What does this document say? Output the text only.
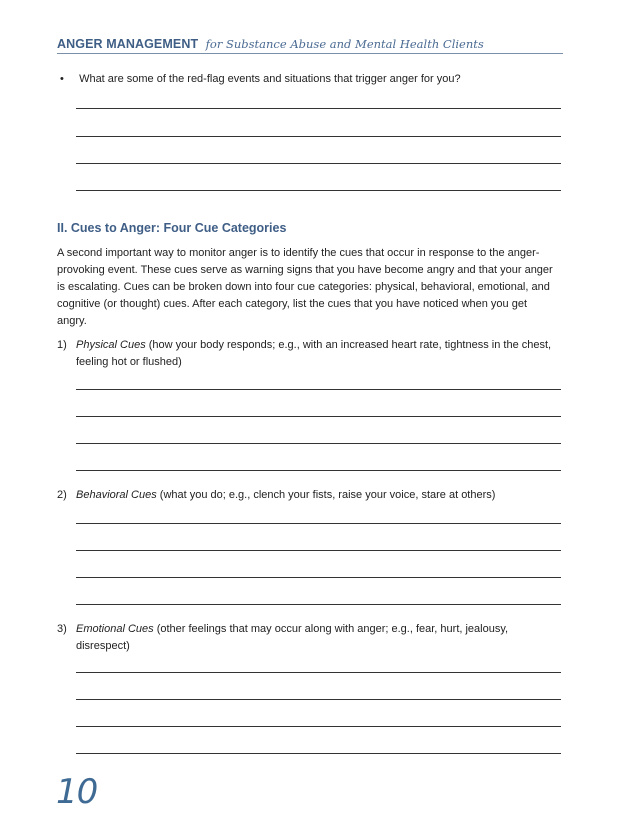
ANGER MANAGEMENT for Substance Abuse and Mental Health Clients
• What are some of the red-flag events and situations that trigger anger for you?
II. Cues to Anger: Four Cue Categories
A second important way to monitor anger is to identify the cues that occur in response to the anger-provoking event. These cues serve as warning signs that you have become angry and that your anger is escalating. Cues can be broken down into four cue categories: physical, behavioral, emotional, and cognitive (or thought) cues. After each category, list the cues that you have noticed when you get angry.
1) Physical Cues (how your body responds; e.g., with an increased heart rate, tightness in the chest, feeling hot or flushed)
2) Behavioral Cues (what you do; e.g., clench your fists, raise your voice, stare at others)
3) Emotional Cues (other feelings that may occur along with anger; e.g., fear, hurt, jealousy, disrespect)
10
